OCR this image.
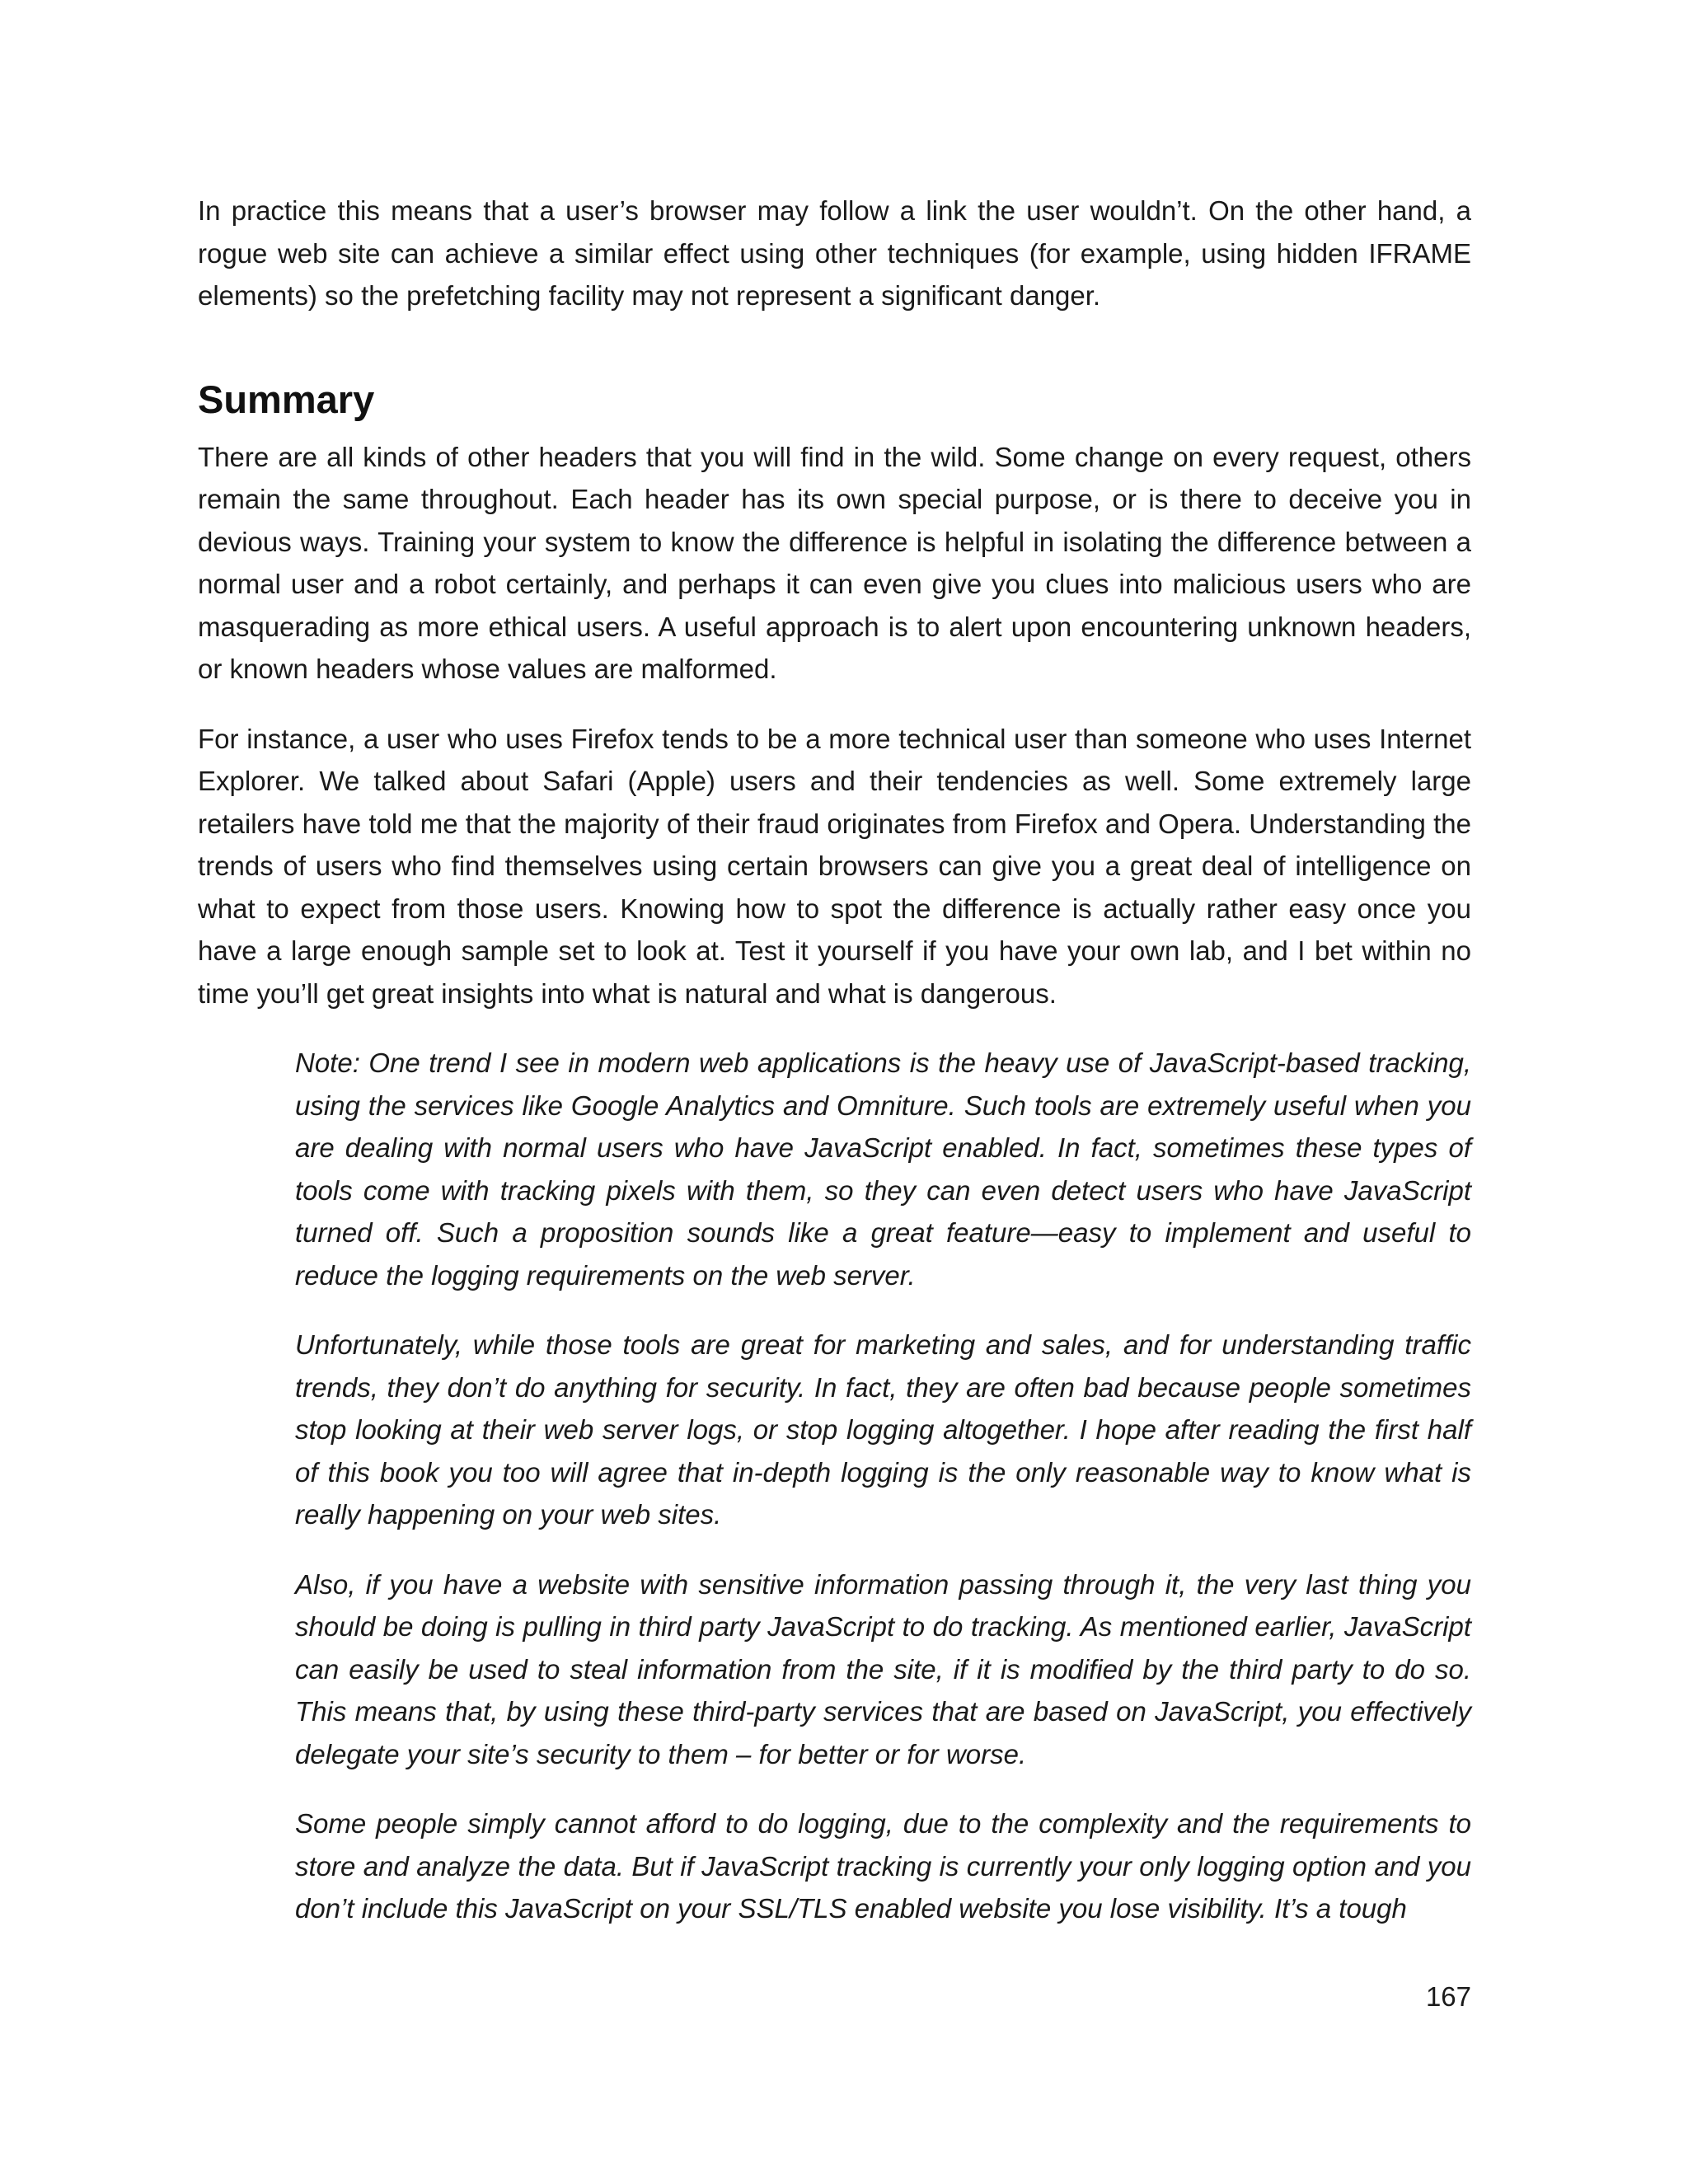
In practice this means that a user’s browser may follow a link the user wouldn’t. On the other hand, a rogue web site can achieve a similar effect using other techniques (for example, using hidden IFRAME elements) so the prefetching facility may not represent a significant danger.

Summary

There are all kinds of other headers that you will find in the wild. Some change on every request, others remain the same throughout. Each header has its own special purpose, or is there to deceive you in devious ways. Training your system to know the difference is helpful in isolating the difference between a normal user and a robot certainly, and perhaps it can even give you clues into malicious users who are masquerading as more ethical users. A useful approach is to alert upon encountering unknown headers, or known headers whose values are malformed.

For instance, a user who uses Firefox tends to be a more technical user than someone who uses Internet Explorer. We talked about Safari (Apple) users and their tendencies as well. Some extremely large retailers have told me that the majority of their fraud originates from Firefox and Opera. Understanding the trends of users who find themselves using certain browsers can give you a great deal of intelligence on what to expect from those users. Knowing how to spot the difference is actually rather easy once you have a large enough sample set to look at. Test it yourself if you have your own lab, and I bet within no time you’ll get great insights into what is natural and what is dangerous.

Note: One trend I see in modern web applications is the heavy use of JavaScript-based tracking, using the services like Google Analytics and Omniture. Such tools are extremely useful when you are dealing with normal users who have JavaScript enabled. In fact, sometimes these types of tools come with tracking pixels with them, so they can even detect users who have JavaScript turned off. Such a proposition sounds like a great feature—easy to implement and useful to reduce the logging requirements on the web server.

Unfortunately, while those tools are great for marketing and sales, and for understanding traffic trends, they don’t do anything for security. In fact, they are often bad because people sometimes stop looking at their web server logs, or stop logging altogether. I hope after reading the first half of this book you too will agree that in-depth logging is the only reasonable way to know what is really happening on your web sites.

Also, if you have a website with sensitive information passing through it, the very last thing you should be doing is pulling in third party JavaScript to do tracking. As mentioned earlier, JavaScript can easily be used to steal information from the site, if it is modified by the third party to do so. This means that, by using these third-party services that are based on JavaScript, you effectively delegate your site’s security to them – for better or for worse.

Some people simply cannot afford to do logging, due to the complexity and the requirements to store and analyze the data. But if JavaScript tracking is currently your only logging option and you don’t include this JavaScript on your SSL/TLS enabled website you lose visibility. It’s a tough

167
